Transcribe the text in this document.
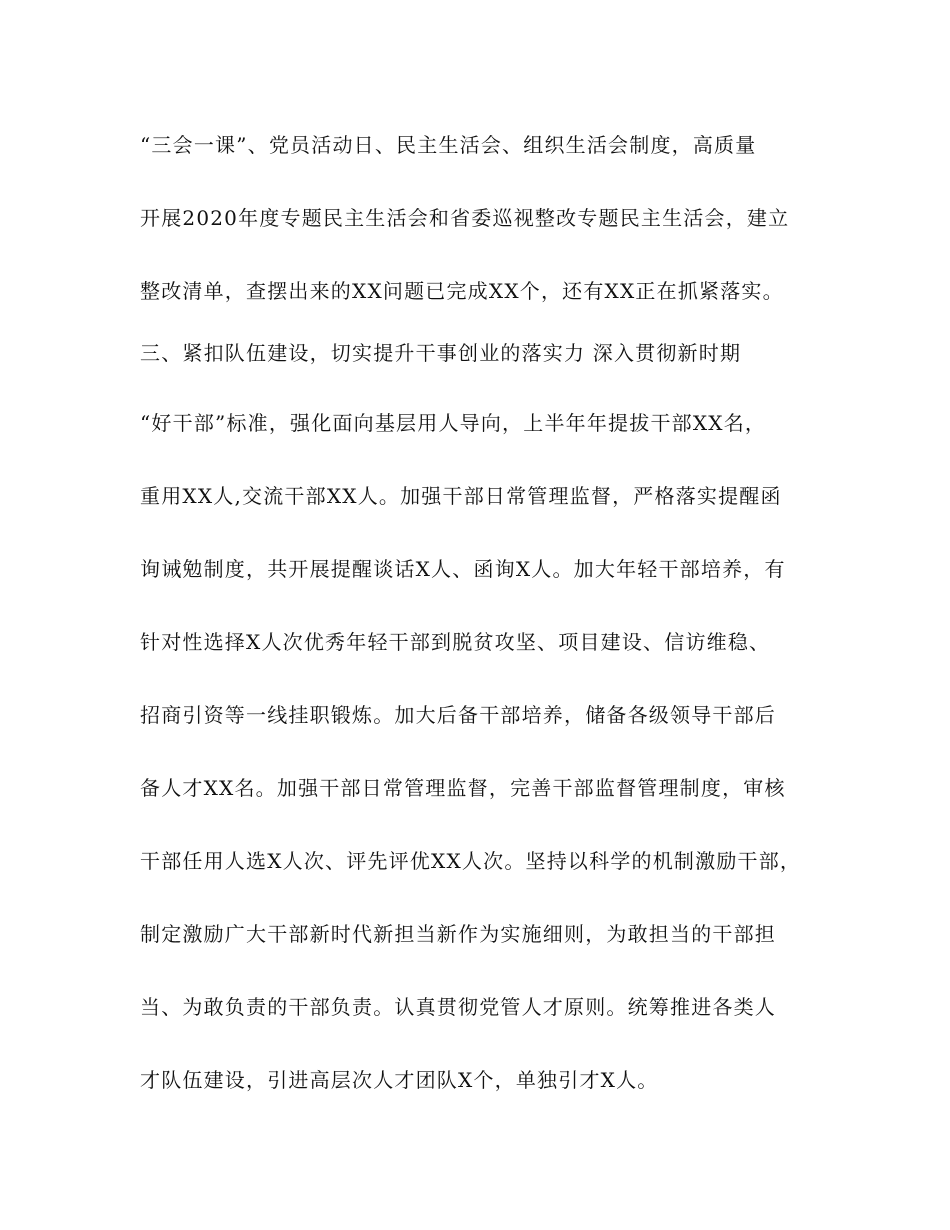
“三会一课”、党员活动日、民主生活会、组织生活会制度，高质量
开展2020年度专题民主生活会和省委巡视整改专题民主生活会，建立
整改清单，查摆出来的XX问题已完成XX个，还有XX正在抓紧落实。
三、紧扣队伍建设，切实提升干事创业的落实力 深入贯彻新时期
“好干部”标准，强化面向基层用人导向，上半年年提拔干部XX名，
重用XX人,交流干部XX人。加强干部日常管理监督，严格落实提醒函
询诫勉制度，共开展提醒谈话X人、函询X人。加大年轻干部培养，有
针对性选择X人次优秀年轻干部到脱贫攻坚、项目建设、信访维稳、
招商引资等一线挂职锻炼。加大后备干部培养，储备各级领导干部后
备人才XX名。加强干部日常管理监督，完善干部监督管理制度，审核
干部任用人选X人次、评先评优XX人次。坚持以科学的机制激励干部，
制定激励广大干部新时代新担当新作为实施细则，为敢担当的干部担
当、为敢负责的干部负责。认真贯彻党管人才原则。统筹推进各类人
才队伍建设，引进高层次人才团队X个，单独引才X人。
